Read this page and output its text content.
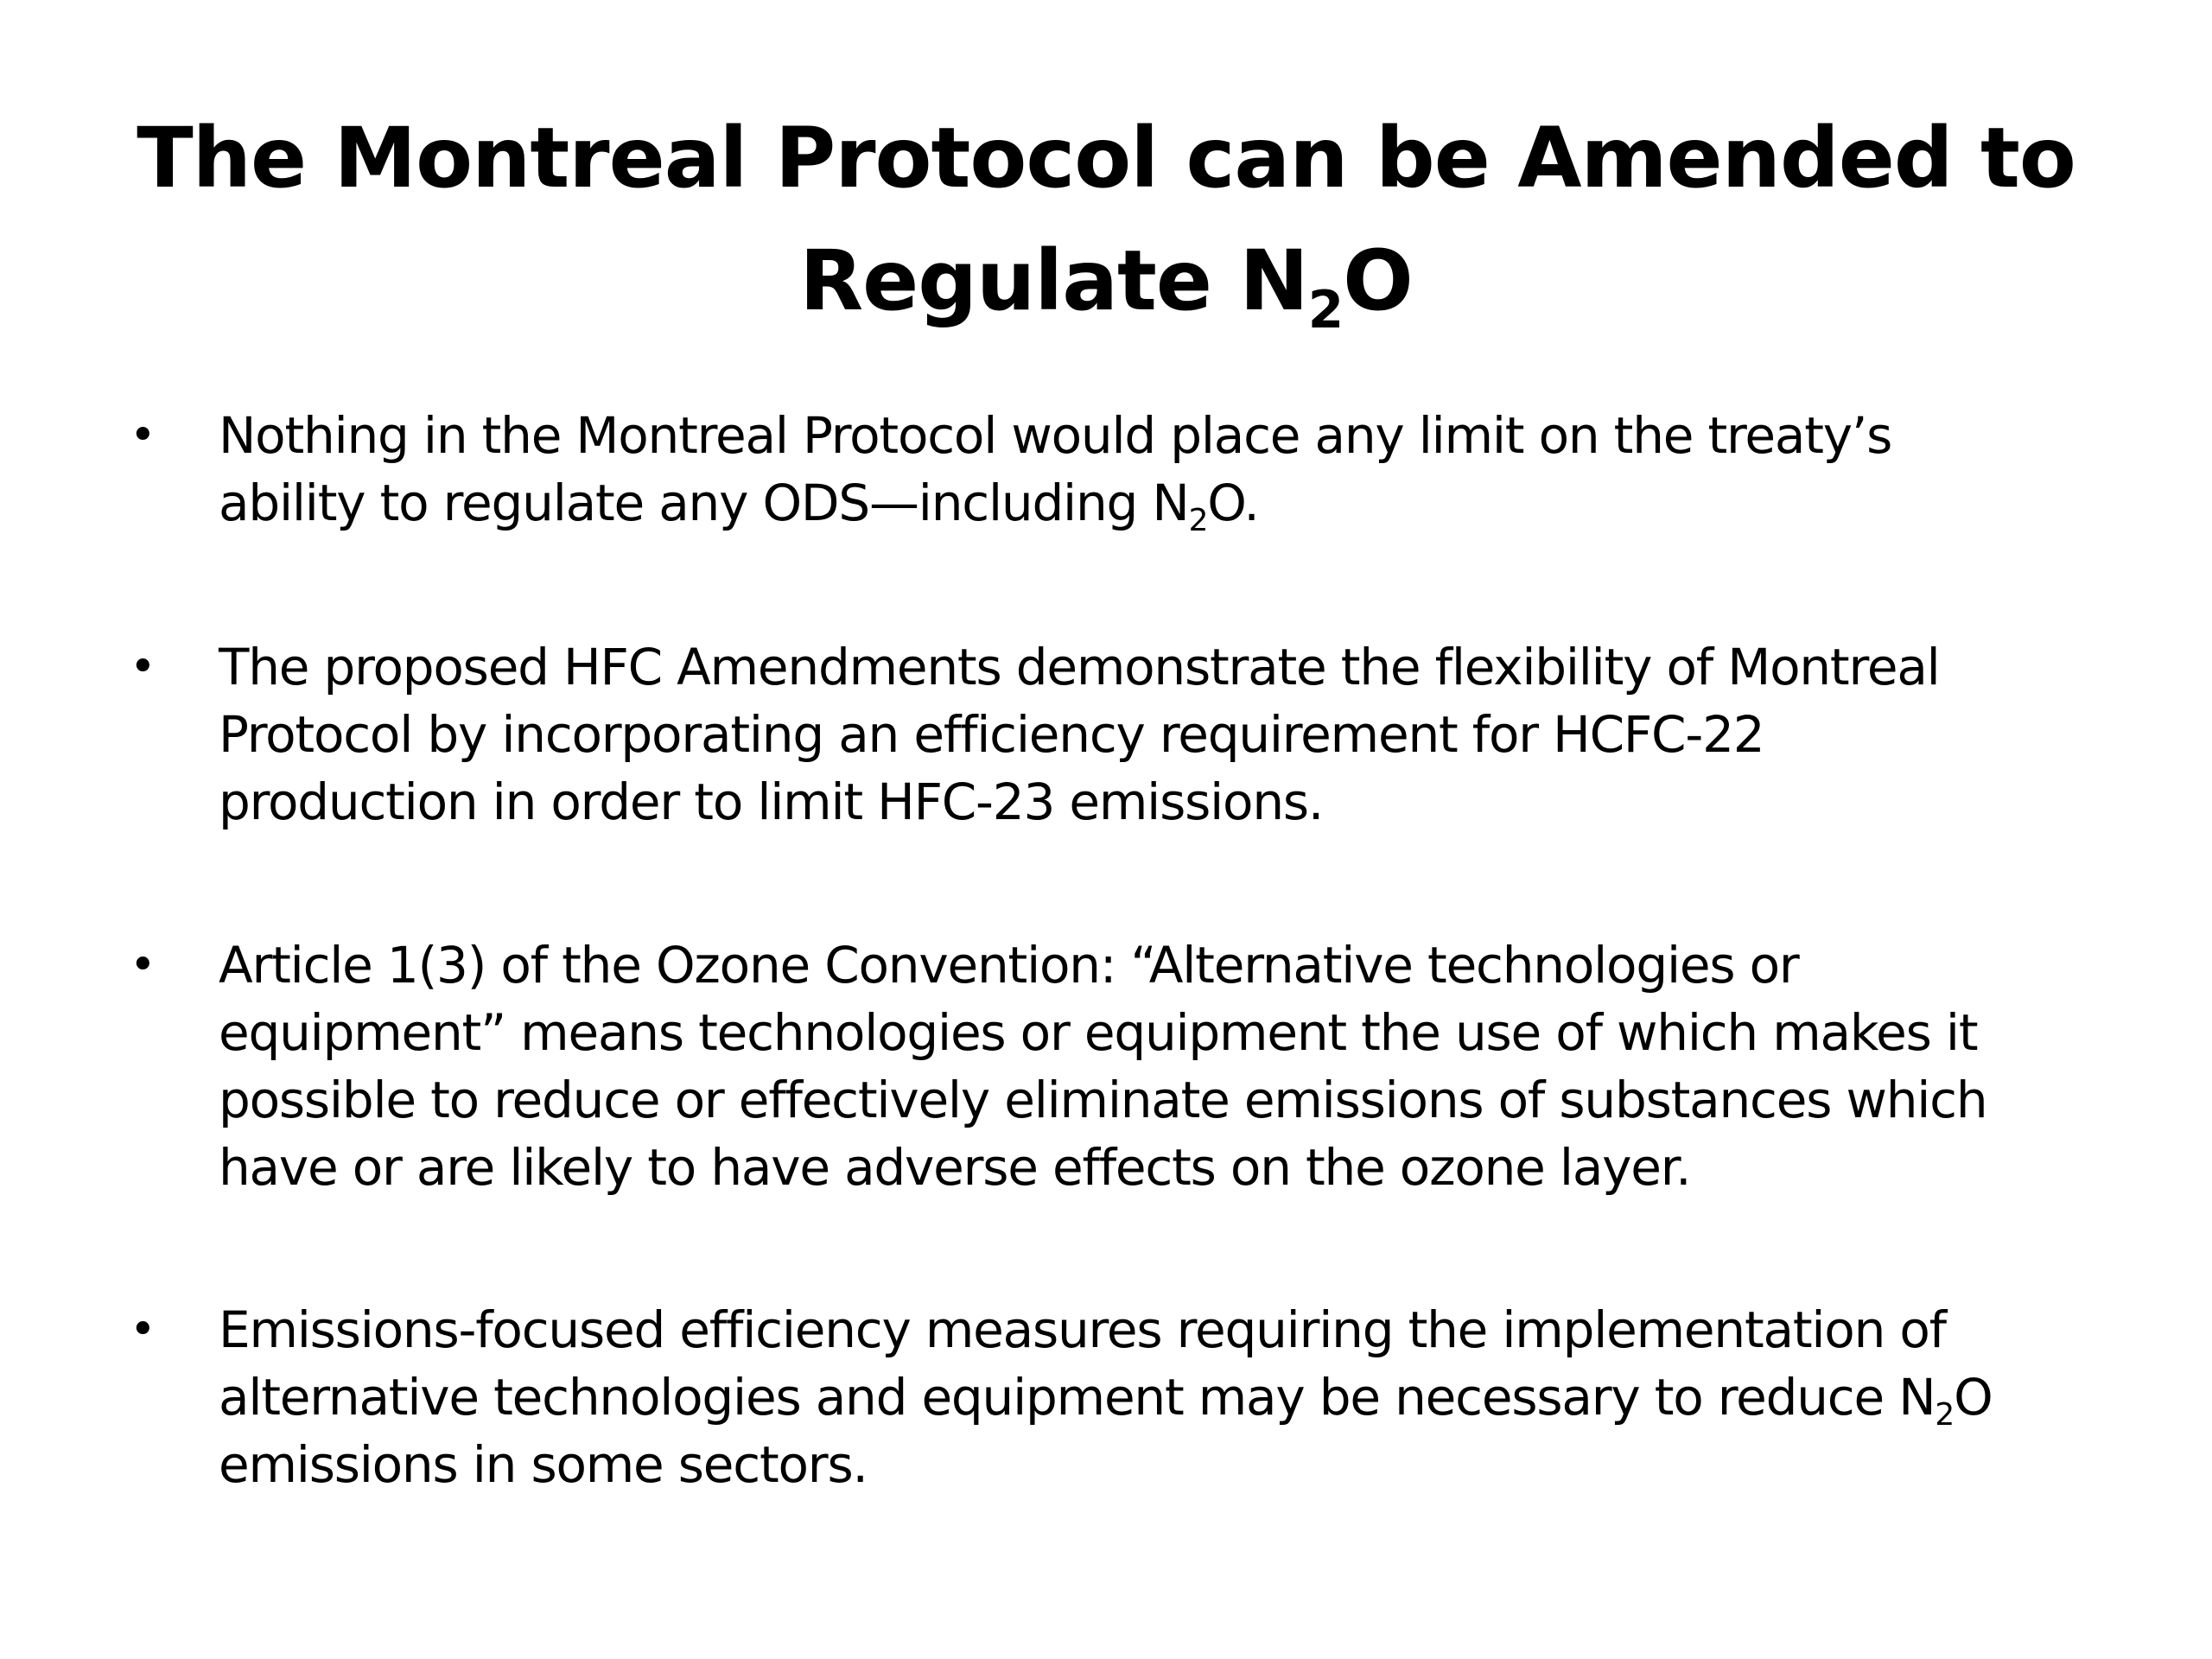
The Montreal Protocol can be Amended to
Regulate $N_2O$
• Nothing in the Montreal Protocol would place any limit on the treaty’s
ability to regulate any ODS—including N2O.
• The proposed HFC Amendments demonstrate the flexibility of Montreal
Protocol by incorporating an efficiency requirement for HCFC-22
production in order to limit HFC-23 emissions.
• Article 1(3) of the Ozone Convention: “Alternative technologies or
equipment” means technologies or equipment the use of which makes it
possible to reduce or effectively eliminate emissions of substances which
have or are likely to have adverse effects on the ozone layer.
• Emissions-focused efficiency measures requiring the implementation of
alternative technologies and equipment may be necessary to reduce N2O
emissions in some sectors.
